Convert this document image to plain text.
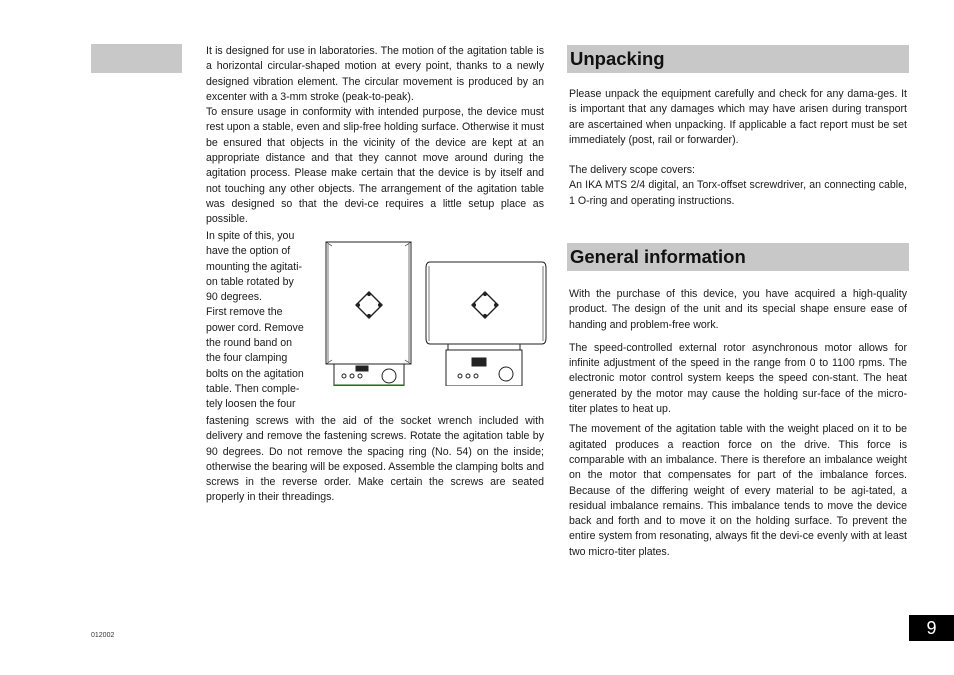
It is designed for use in laboratories. The motion of the agitation table is a horizontal circular-shaped motion at every point, thanks to a newly designed vibration element. The circular movement is produced by an excenter with a 3-mm stroke (peak-to-peak).

To ensure usage in conformity with intended purpose, the device must rest upon a stable, even and slip-free holding surface. Otherwise it must be ensured that objects in the vicinity of the device are kept at an appropriate distance and that they cannot move around during the agitation process. Please make certain that the device is by itself and not touching any other objects. The arrangement of the agitation table was designed so that the devi-ce requires a little setup place as possible.

In spite of this, you
have the option of
mounting the agitati-
on table rotated by
90 degrees.
First remove the
power cord. Remove
the round band on
the four clamping
bolts on the agitation
table. Then comple-
tely loosen the four

fastening screws with the aid of the socket wrench included with delivery and remove the fastening screws. Rotate the agitation table by 90 degrees. Do not remove the spacing ring (No. 54) on the inside; otherwise the bearing will be exposed. Assemble the clamping bolts and screws in the reverse order. Make certain the screws are seated properly in their threadings.

Unpacking

Please unpack the equipment carefully and check for any dama-ges. It is important that any damages which may have arisen during transport are ascertained when unpacking. If applicable a fact report must be set immediately (post, rail or forwarder).

The delivery scope covers:

An IKA MTS 2/4 digital, an Torx-offset screwdriver, an connecting cable, 1 O-ring and operating instructions.

General information

With the purchase of this device, you have acquired a high-quality product. The design of the unit and its special shape ensure ease of handing and problem-free work.

The speed-controlled external rotor asynchronous motor allows for infinite adjustment of the speed in the range from 0 to 1100 rpms. The electronic motor control system keeps the speed con-stant. The heat generated by the motor may cause the holding sur-face of the micro-titer plates to heat up.

The movement of the agitation table with the weight placed on it to be agitated produces a reaction force on the drive. This force is comparable with an imbalance. There is therefore an imbalance weight on the motor that compensates for part of the imbalance forces. Because of the differing weight of every material to be agi-tated, a residual imbalance remains. This imbalance tends to move the device back and forth and to move it on the holding surface. To prevent the entire system from resonating, always fit the devi-ce evenly with at least two micro-titer plates.

012002	9
